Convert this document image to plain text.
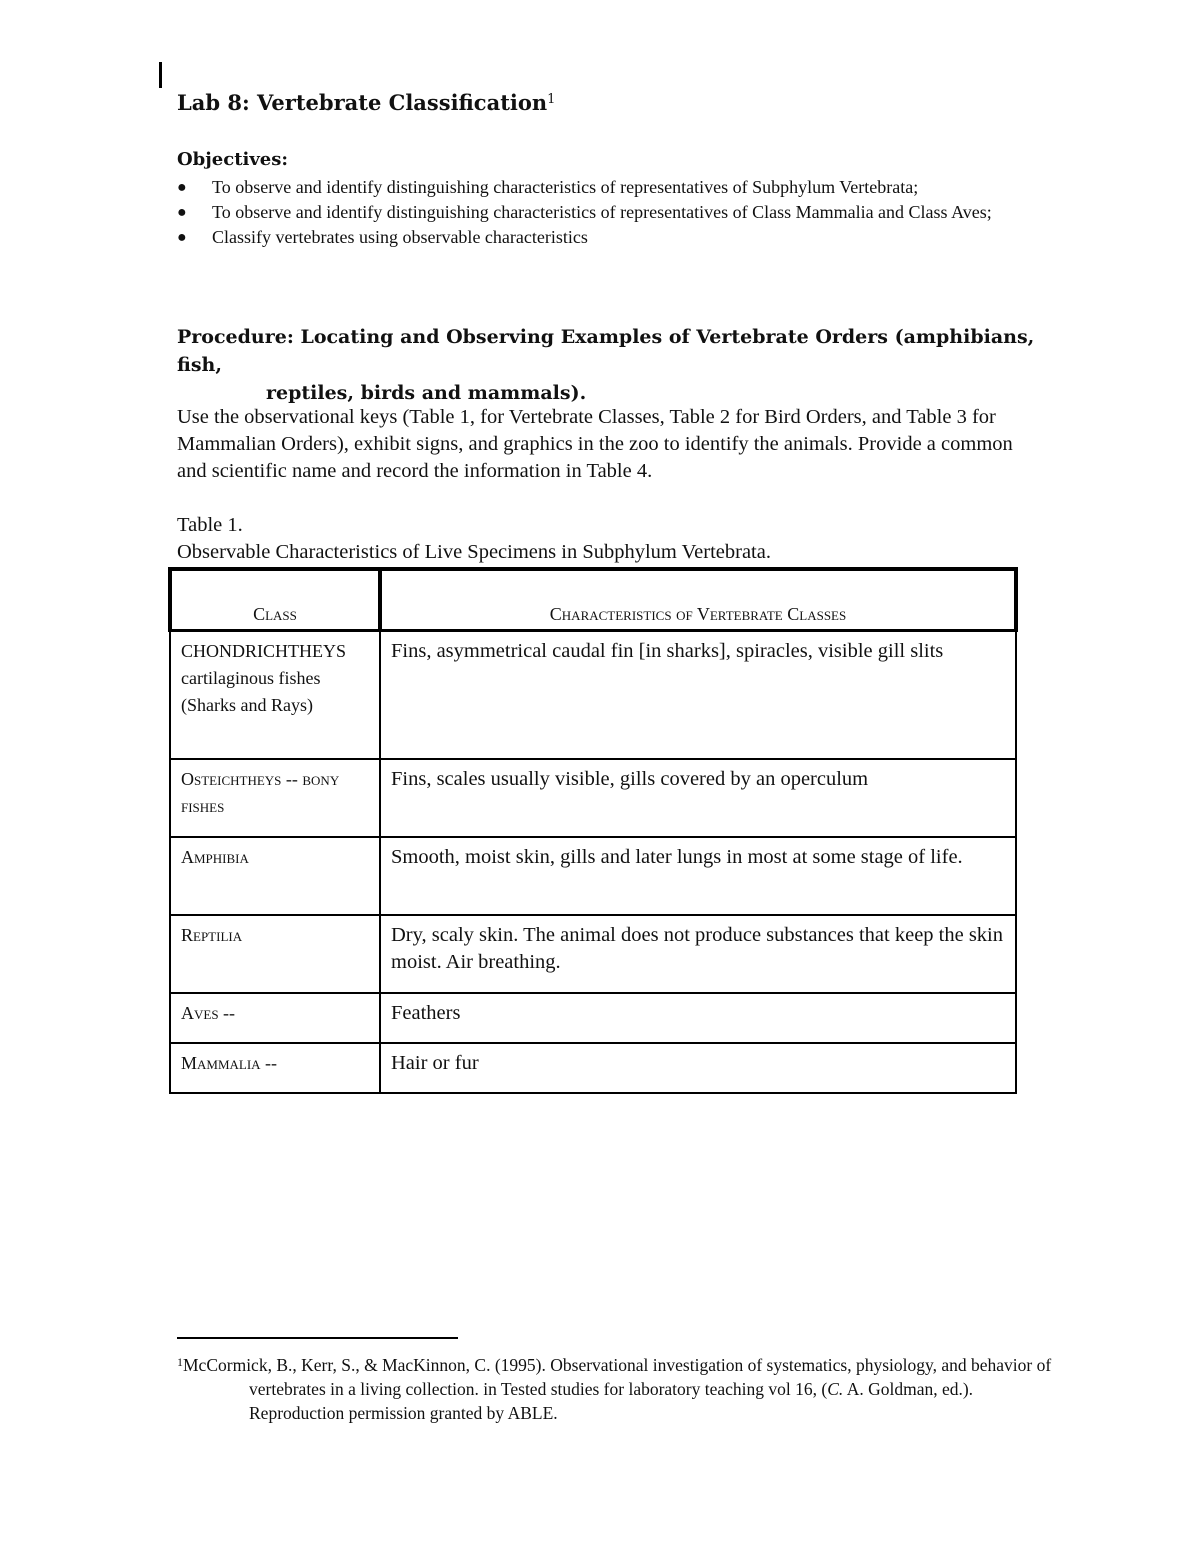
Lab 8: Vertebrate Classification$^1$
Objectives:
● To observe and identify distinguishing characteristics of representatives of Subphylum Vertebrata;
● To observe and identify distinguishing characteristics of representatives of Class Mammalia and Class Aves;
● Classify vertebrates using observable characteristics
Procedure: Locating and Observing Examples of Vertebrate Orders (amphibians, fish,
reptiles, birds and mammals).

Use the observational keys (Table 1, for Vertebrate Classes, Table 2 for Bird Orders, and Table 3 for Mammalian Orders), exhibit signs, and graphics in the zoo to identify the animals. Provide a common and scientific name and record the information in Table 4.

Table 1.
Observable Characteristics of Live Specimens in Subphylum Vertebrata.
Class	Characteristics of Vertebrate Classes
CHONDRICHTHEYS cartilaginous fishes (Sharks and Rays)	Fins, asymmetrical caudal fin [in sharks], spiracles, visible gill slits
Osteichtheys -- bony fishes	Fins, scales usually visible, gills covered by an operculum
Amphibia	Smooth, moist skin, gills and later lungs in most at some stage of life.
Reptilia	Dry, scaly skin. The animal does not produce substances that keep the skin moist. Air breathing.
Aves --	Feathers
Mammalia --	Hair or fur
$^1$McCormick, B., Kerr, S., & MacKinnon, C. (1995). Observational investigation of systematics, physiology, and behavior of vertebrates in a living collection. in Tested studies for laboratory teaching vol 16, (C. A. Goldman, ed.). Reproduction permission granted by ABLE.
